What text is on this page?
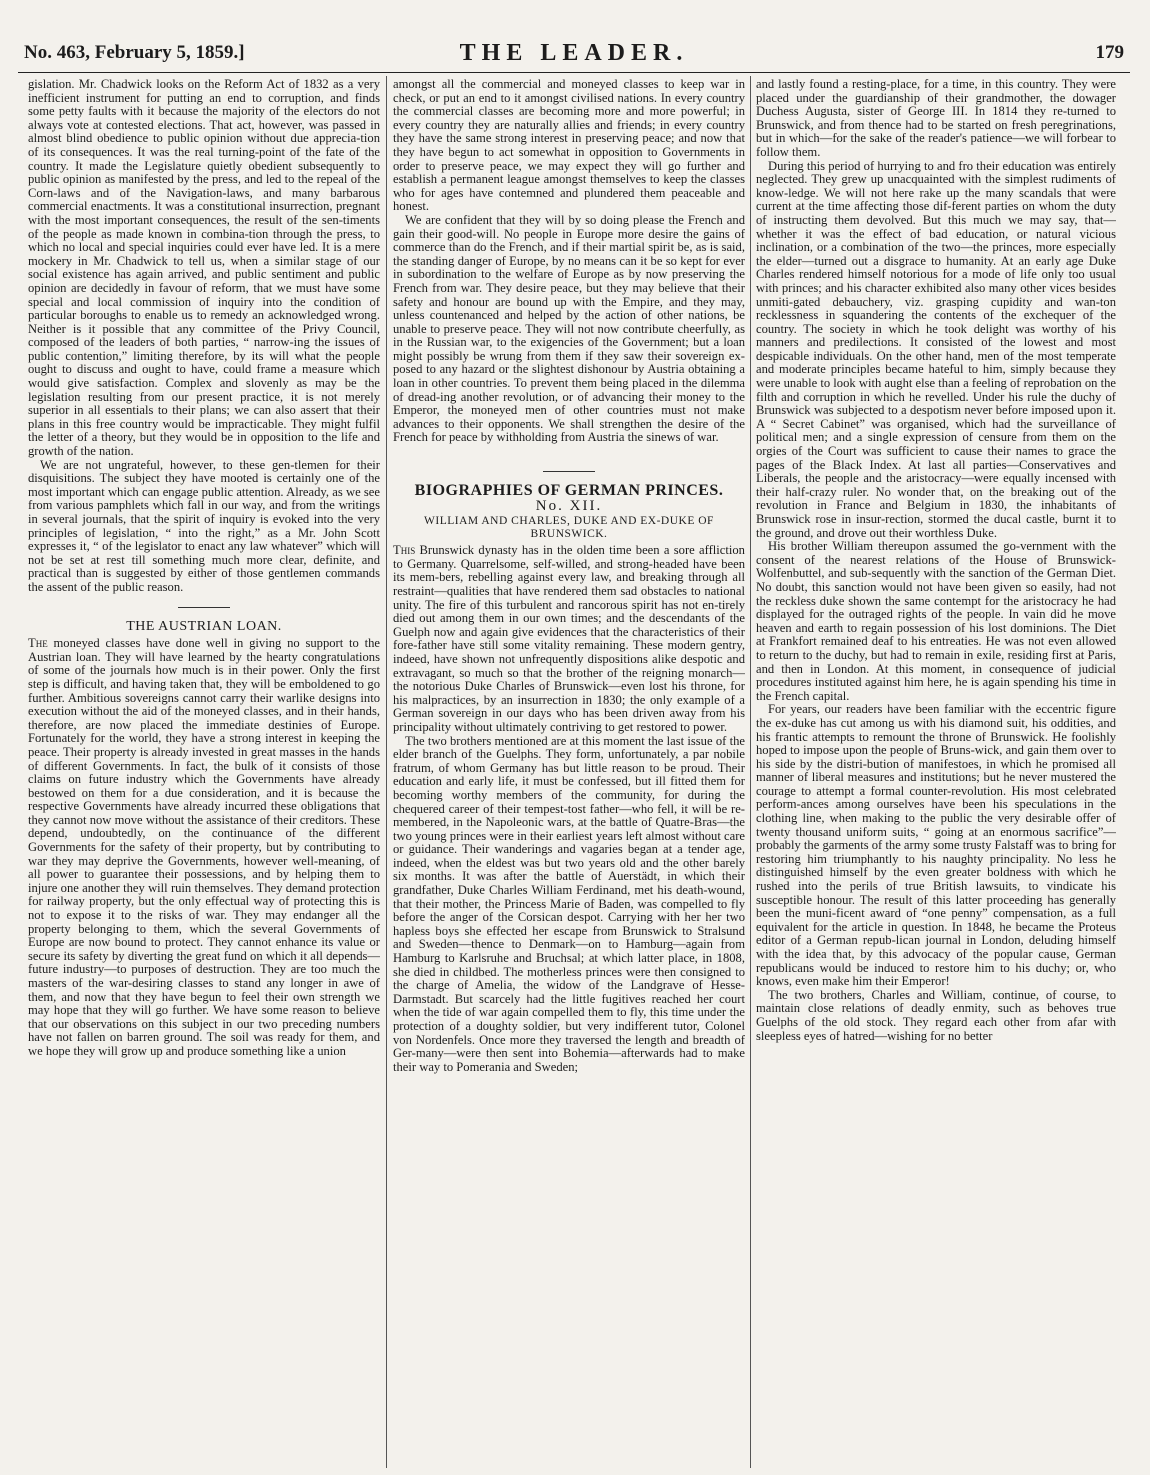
No. 463, February 5, 1859.]	THE LEADER.	179

gislation. Mr. Chadwick looks on the Reform Act of 1832 as a very inefficient instrument for putting an end to corruption, and finds some petty faults with it because the majority of the electors do not always vote at contested elections. That act, however, was passed in almost blind obedience to public opinion without due apprecia-tion of its consequences. It was the real turning-point of the fate of the country. It made the Legislature quietly obedient subsequently to public opinion as manifested by the press, and led to the repeal of the Corn-laws and of the Navigation-laws, and many barbarous commercial enactments. It was a constitutional insurrection, pregnant with the most important consequences, the result of the sen-timents of the people as made known in combina-tion through the press, to which no local and special inquiries could ever have led. It is a mere mockery in Mr. Chadwick to tell us, when a similar stage of our social existence has again arrived, and public sentiment and public opinion are decidedly in favour of reform, that we must have some special and local commission of inquiry into the condition of particular boroughs to enable us to remedy an acknowledged wrong. Neither is it possible that any committee of the Privy Council, composed of the leaders of both parties, “ narrow-ing the issues of public contention,” limiting therefore, by its will what the people ought to discuss and ought to have, could frame a measure which would give satisfaction. Complex and slovenly as may be the legislation resulting from our present practice, it is not merely superior in all essentials to their plans; we can also assert that their plans in this free country would be impracticable. They might fulfil the letter of a theory, but they would be in opposition to the life and growth of the nation.

We are not ungrateful, however, to these gen-tlemen for their disquisitions. The subject they have mooted is certainly one of the most important which can engage public attention. Already, as we see from various pamphlets which fall in our way, and from the writings in several journals, that the spirit of inquiry is evoked into the very principles of legislation, “ into the right,” as a Mr. John Scott expresses it, “ of the legislator to enact any law whatever” which will not be set at rest till something much more clear, definite, and practical than is suggested by either of those gentlemen commands the assent of the public reason.

THE AUSTRIAN LOAN.

The moneyed classes have done well in giving no support to the Austrian loan. They will have learned by the hearty congratulations of some of the journals how much is in their power. Only the first step is difficult, and having taken that, they will be emboldened to go further. Ambitious sovereigns cannot carry their warlike designs into execution without the aid of the moneyed classes, and in their hands, therefore, are now placed the immediate destinies of Europe. Fortunately for the world, they have a strong interest in keeping the peace. Their property is already invested in great masses in the hands of different Governments. In fact, the bulk of it consists of those claims on future industry which the Governments have already bestowed on them for a due consideration, and it is because the respective Governments have already incurred these obligations that they cannot now move without the assistance of their creditors. These depend, undoubtedly, on the continuance of the different Governments for the safety of their property, but by contributing to war they may deprive the Governments, however well-meaning, of all power to guarantee their possessions, and by helping them to injure one another they will ruin themselves. They demand protection for railway property, but the only effectual way of protecting this is not to expose it to the risks of war. They may endanger all the property belonging to them, which the several Governments of Europe are now bound to protect. They cannot enhance its value or secure its safety by diverting the great fund on which it all depends—future industry—to purposes of destruction. They are too much the masters of the war-desiring classes to stand any longer in awe of them, and now that they have begun to feel their own strength we may hope that they will go further. We have some reason to believe that our observations on this subject in our two preceding numbers have not fallen on barren ground. The soil was ready for them, and we hope they will grow up and produce something like a union

amongst all the commercial and moneyed classes to keep war in check, or put an end to it amongst civilised nations. In every country the commercial classes are becoming more and more powerful; in every country they are naturally allies and friends; in every country they have the same strong interest in preserving peace; and now that they have begun to act somewhat in opposition to Governments in order to preserve peace, we may expect they will go further and establish a permanent league amongst themselves to keep the classes who for ages have contemned and plundered them peaceable and honest.

We are confident that they will by so doing please the French and gain their good-will. No people in Europe more desire the gains of commerce than do the French, and if their martial spirit be, as is said, the standing danger of Europe, by no means can it be so kept for ever in subordination to the welfare of Europe as by now preserving the French from war. They desire peace, but they may believe that their safety and honour are bound up with the Empire, and they may, unless countenanced and helped by the action of other nations, be unable to preserve peace. They will not now contribute cheerfully, as in the Russian war, to the exigencies of the Government; but a loan might possibly be wrung from them if they saw their sovereign ex-posed to any hazard or the slightest dishonour by Austria obtaining a loan in other countries. To prevent them being placed in the dilemma of dread-ing another revolution, or of advancing their money to the Emperor, the moneyed men of other countries must not make advances to their opponents. We shall strengthen the desire of the French for peace by withholding from Austria the sinews of war.

BIOGRAPHIES OF GERMAN PRINCES.
No. XII.
WILLIAM AND CHARLES, DUKE AND EX-DUKE OF BRUNSWICK.

This Brunswick dynasty has in the olden time been a sore affliction to Germany. Quarrelsome, self-willed, and strong-headed have been its mem-bers, rebelling against every law, and breaking through all restraint—qualities that have rendered them sad obstacles to national unity. The fire of this turbulent and rancorous spirit has not en-tirely died out among them in our own times; and the descendants of the Guelph now and again give evidences that the characteristics of their fore-father have still some vitality remaining. These modern gentry, indeed, have shown not unfrequently dispositions alike despotic and extravagant, so much so that the brother of the reigning monarch—the notorious Duke Charles of Brunswick—even lost his throne, for his malpractices, by an insurrection in 1830; the only example of a German sovereign in our days who has been driven away from his principality without ultimately contriving to get restored to power.

The two brothers mentioned are at this moment the last issue of the elder branch of the Guelphs. They form, unfortunately, a par nobile fratrum, of whom Germany has but little reason to be proud. Their education and early life, it must be confessed, but ill fitted them for becoming worthy members of the community, for during the chequered career of their tempest-tost father—who fell, it will be re-membered, in the Napoleonic wars, at the battle of Quatre-Bras—the two young princes were in their earliest years left almost without care or guidance. Their wanderings and vagaries began at a tender age, indeed, when the eldest was but two years old and the other barely six months. It was after the battle of Auerstädt, in which their grandfather, Duke Charles William Ferdinand, met his death-wound, that their mother, the Princess Marie of Baden, was compelled to fly before the anger of the Corsican despot. Carrying with her her two hapless boys she effected her escape from Brunswick to Stralsund and Sweden—thence to Denmark—on to Hamburg—again from Hamburg to Karlsruhe and Bruchsal; at which latter place, in 1808, she died in childbed. The motherless princes were then consigned to the charge of Amelia, the widow of the Landgrave of Hesse-Darmstadt. But scarcely had the little fugitives reached her court when the tide of war again compelled them to fly, this time under the protection of a doughty soldier, but very indifferent tutor, Colonel von Nordenfels. Once more they traversed the length and breadth of Ger-many—were then sent into Bohemia—afterwards had to make their way to Pomerania and Sweden;

and lastly found a resting-place, for a time, in this country. They were placed under the guardianship of their grandmother, the dowager Duchess Augusta, sister of George III. In 1814 they re-turned to Brunswick, and from thence had to be started on fresh peregrinations, but in which—for the sake of the reader's patience—we will forbear to follow them.

During this period of hurrying to and fro their education was entirely neglected. They grew up unacquainted with the simplest rudiments of know-ledge. We will not here rake up the many scandals that were current at the time affecting those dif-ferent parties on whom the duty of instructing them devolved. But this much we may say, that—whether it was the effect of bad education, or natural vicious inclination, or a combination of the two—the princes, more especially the elder—turned out a disgrace to humanity. At an early age Duke Charles rendered himself notorious for a mode of life only too usual with princes; and his character exhibited also many other vices besides unmiti-gated debauchery, viz. grasping cupidity and wan-ton recklessness in squandering the contents of the exchequer of the country. The society in which he took delight was worthy of his manners and predilections. It consisted of the lowest and most despicable individuals. On the other hand, men of the most temperate and moderate principles became hateful to him, simply because they were unable to look with aught else than a feeling of reprobation on the filth and corruption in which he revelled. Under his rule the duchy of Brunswick was subjected to a despotism never before imposed upon it. A “ Secret Cabinet” was organised, which had the surveillance of political men; and a single expression of censure from them on the orgies of the Court was sufficient to cause their names to grace the pages of the Black Index. At last all parties—Conservatives and Liberals, the people and the aristocracy—were equally incensed with their half-crazy ruler. No wonder that, on the breaking out of the revolution in France and Belgium in 1830, the inhabitants of Brunswick rose in insur-rection, stormed the ducal castle, burnt it to the ground, and drove out their worthless Duke.

His brother William thereupon assumed the go-vernment with the consent of the nearest relations of the House of Brunswick-Wolfenbuttel, and sub-sequently with the sanction of the German Diet. No doubt, this sanction would not have been given so easily, had not the reckless duke shown the same contempt for the aristocracy he had displayed for the outraged rights of the people. In vain did he move heaven and earth to regain possession of his lost dominions. The Diet at Frankfort remained deaf to his entreaties. He was not even allowed to return to the duchy, but had to remain in exile, residing first at Paris, and then in London. At this moment, in consequence of judicial procedures instituted against him here, he is again spending his time in the French capital.

For years, our readers have been familiar with the eccentric figure the ex-duke has cut among us with his diamond suit, his oddities, and his frantic attempts to remount the throne of Brunswick. He foolishly hoped to impose upon the people of Bruns-wick, and gain them over to his side by the distri-bution of manifestoes, in which he promised all manner of liberal measures and institutions; but he never mustered the courage to attempt a formal counter-revolution. His most celebrated perform-ances among ourselves have been his speculations in the clothing line, when making to the public the very desirable offer of twenty thousand uniform suits, “ going at an enormous sacrifice”—probably the garments of the army some trusty Falstaff was to bring for restoring him triumphantly to his naughty principality. No less he distinguished himself by the even greater boldness with which he rushed into the perils of true British lawsuits, to vindicate his susceptible honour. The result of this latter proceeding has generally been the muni-ficent award of “one penny” compensation, as a full equivalent for the article in question. In 1848, he became the Proteus editor of a German repub-lican journal in London, deluding himself with the idea that, by this advocacy of the popular cause, German republicans would be induced to restore him to his duchy; or, who knows, even make him their Emperor!

The two brothers, Charles and William, continue, of course, to maintain close relations of deadly enmity, such as behoves true Guelphs of the old stock. They regard each other from afar with sleepless eyes of hatred—wishing for no better
